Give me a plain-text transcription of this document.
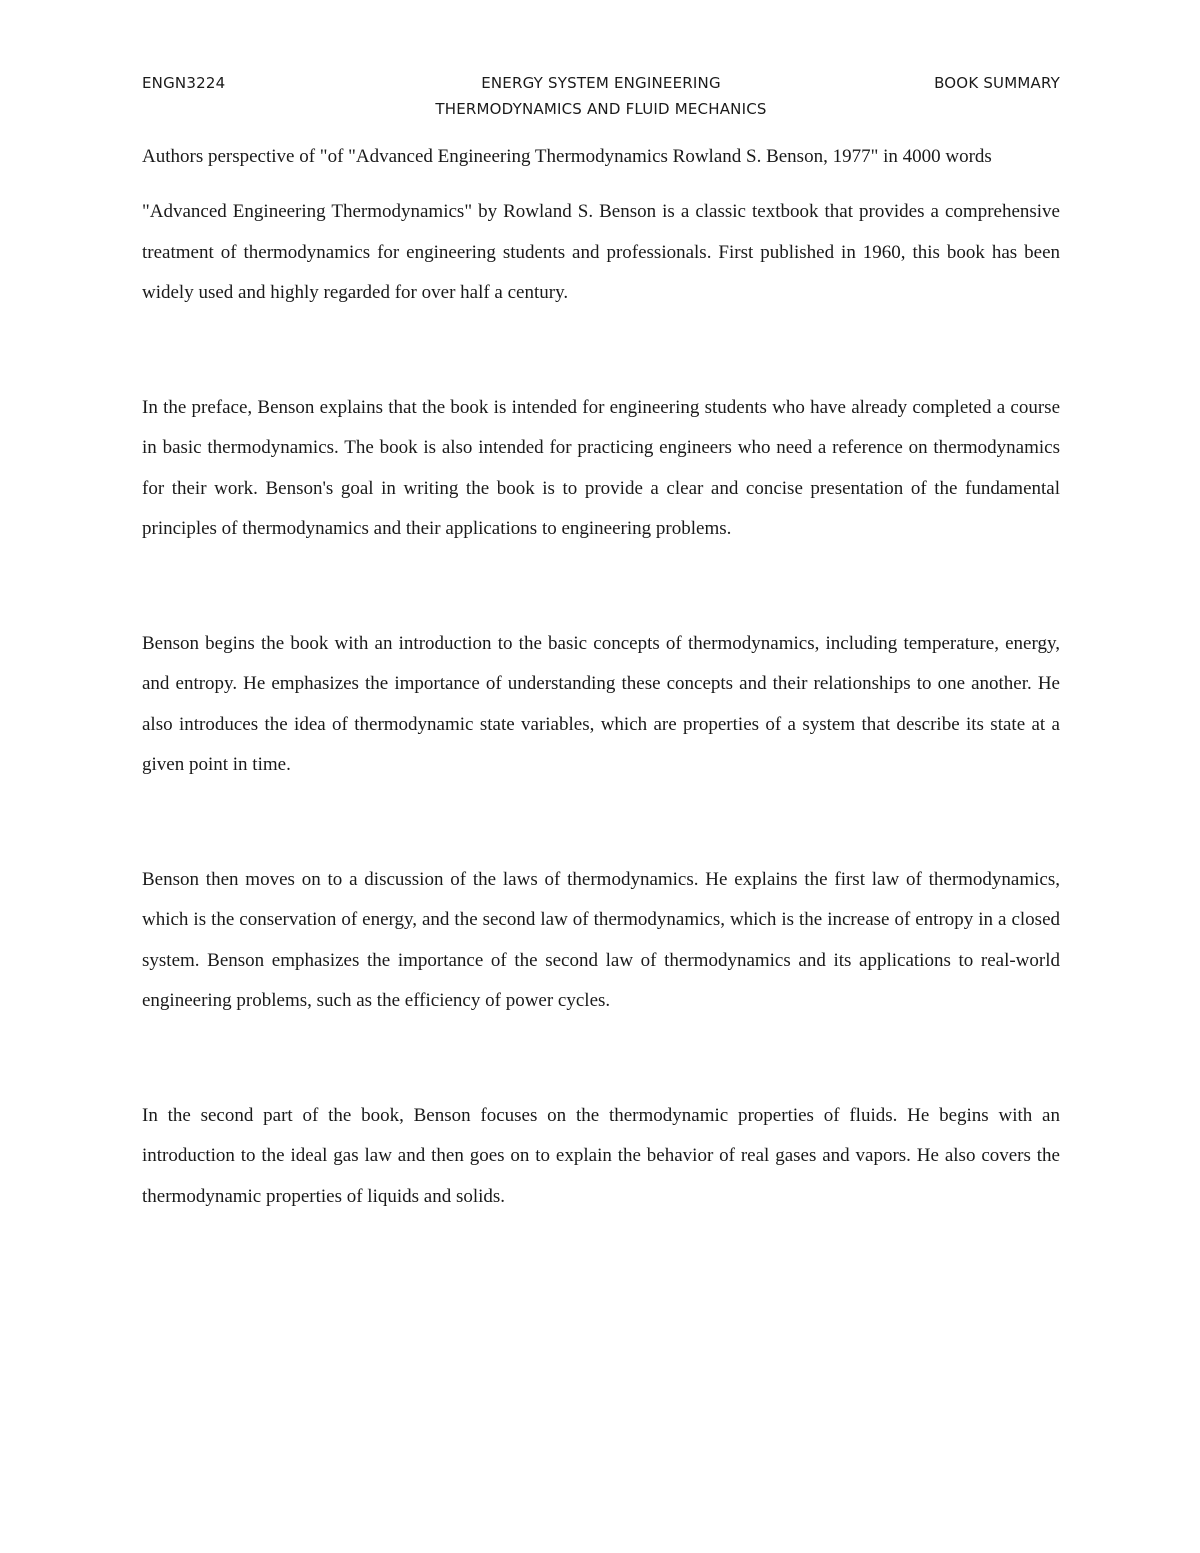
ENGN3224	ENERGY SYSTEM ENGINEERING	BOOK SUMMARY
THERMODYNAMICS AND FLUID MECHANICS

Authors perspective of "of "Advanced Engineering Thermodynamics Rowland S. Benson, 1977" in 4000 words

"Advanced Engineering Thermodynamics" by Rowland S. Benson is a classic textbook that provides a comprehensive treatment of thermodynamics for engineering students and professionals. First published in 1960, this book has been widely used and highly regarded for over half a century.

In the preface, Benson explains that the book is intended for engineering students who have already completed a course in basic thermodynamics. The book is also intended for practicing engineers who need a reference on thermodynamics for their work. Benson's goal in writing the book is to provide a clear and concise presentation of the fundamental principles of thermodynamics and their applications to engineering problems.

Benson begins the book with an introduction to the basic concepts of thermodynamics, including temperature, energy, and entropy. He emphasizes the importance of understanding these concepts and their relationships to one another. He also introduces the idea of thermodynamic state variables, which are properties of a system that describe its state at a given point in time.

Benson then moves on to a discussion of the laws of thermodynamics. He explains the first law of thermodynamics, which is the conservation of energy, and the second law of thermodynamics, which is the increase of entropy in a closed system. Benson emphasizes the importance of the second law of thermodynamics and its applications to real-world engineering problems, such as the efficiency of power cycles.

In the second part of the book, Benson focuses on the thermodynamic properties of fluids. He begins with an introduction to the ideal gas law and then goes on to explain the behavior of real gases and vapors. He also covers the thermodynamic properties of liquids and solids.
